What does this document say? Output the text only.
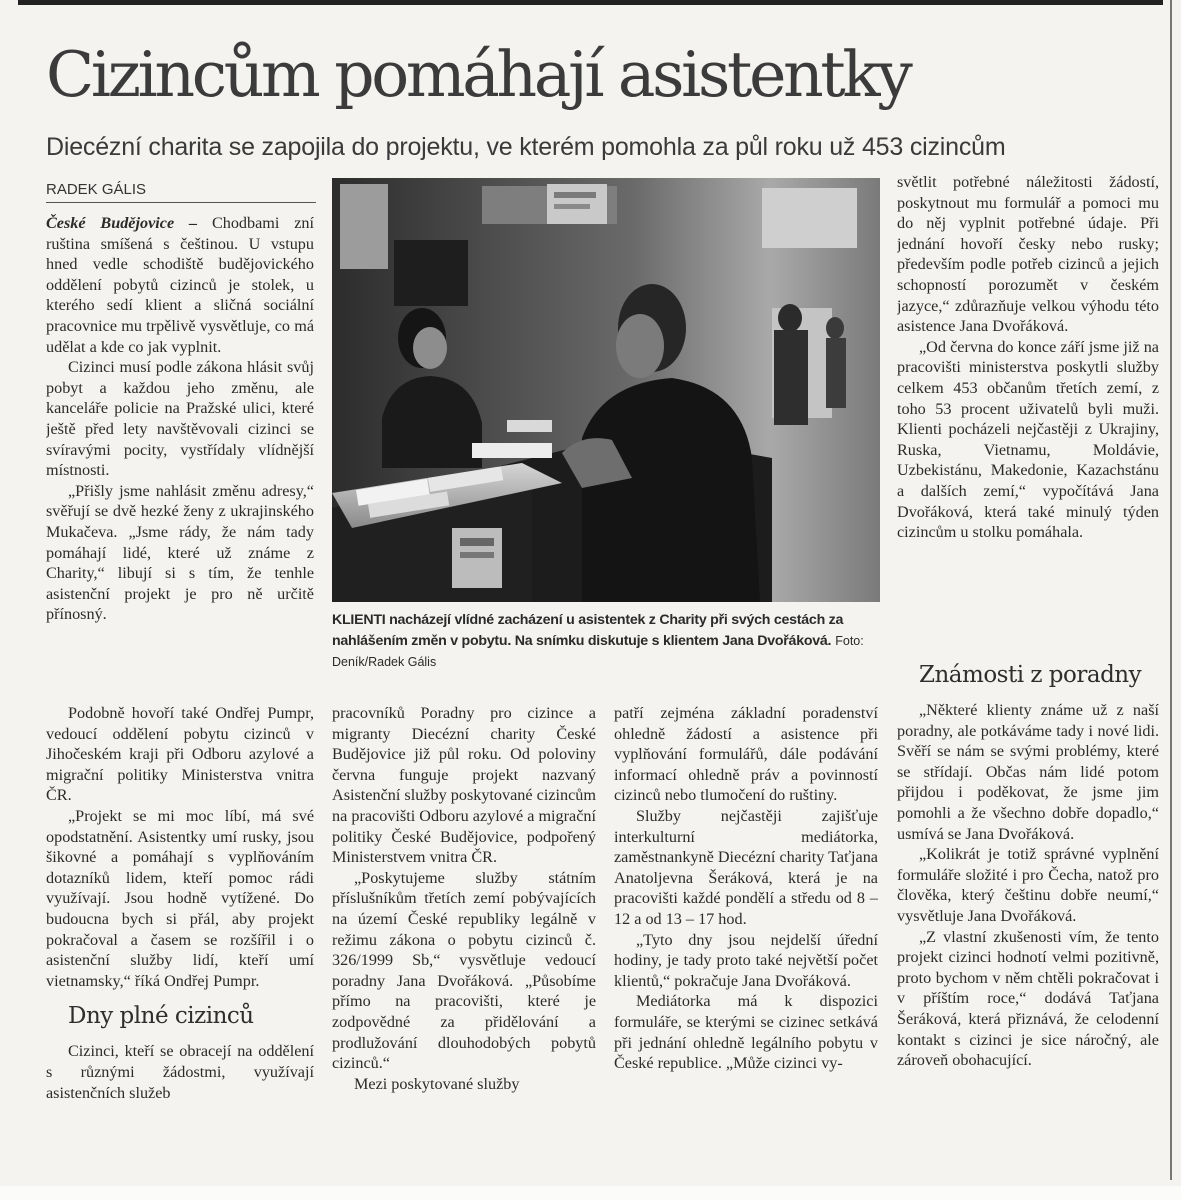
Cizincům pomáhají asistentky
Diecézní charita se zapojila do projektu, ve kterém pomohla za půl roku už 453 cizincům
RADEK GÁLIS

České Budějovice – Chodbami zní ruština smíšená s češtinou. U vstupu hned vedle schodiště budějovického oddělení pobytů cizinců je stolek, u kterého sedí klient a sličná sociální pracovnice mu trpělivě vysvětluje, co má udělat a kde co jak vyplnit.

Cizinci musí podle zákona hlásit svůj pobyt a každou jeho změnu, ale kanceláře policie na Pražské ulici, které ještě před lety navštěvovali cizinci se svíravými pocity, vystřídaly vlídnější místnosti.

„Přišly jsme nahlásit změnu adresy,“ svěřují se dvě hezké ženy z ukrajinského Mukačeva. „Jsme rády, že nám tady pomáhají lidé, které už známe z Charity,“ libují si s tím, že tenhle asistenční projekt je pro ně určitě přínosný.	KLIENTI nacházejí vlídné zacházení u asistentek z Charity při svých cestách za nahlášením změn v pobytu. Na snímku diskutuje s klientem Jana Dvořáková. Foto: Deník/Radek Gális

Podobně hovoří také Ondřej Pumpr, vedoucí oddělení pobytu cizinců v Jihočeském kraji při Odboru azylové a migrační politiky Ministerstva vnitra ČR.

„Projekt se mi moc líbí, má své opodstatnění. Asistentky umí rusky, jsou šikovné a pomáhají s vyplňováním dotazníků lidem, kteří pomoc rádi využívají. Jsou hodně vytížené. Do budoucna bych si přál, aby projekt pokračoval a časem se rozšířil i o asistenční služby lidí, kteří umí vietnamsky,“ říká Ondřej Pumpr.

Dny plné cizinců

Cizinci, kteří se obracejí na oddělení s různými žádostmi, využívají asistenčních služeb

pracovníků Poradny pro cizince a migranty Diecézní charity České Budějovice již půl roku. Od poloviny června funguje projekt nazvaný Asistenční služby poskytované cizincům na pracovišti Odboru azylové a migrační politiky České Budějovice, podpořený Ministerstvem vnitra ČR.

„Poskytujeme služby státním příslušníkům třetích zemí pobývajících na území České republiky legálně v režimu zákona o pobytu cizinců č. 326/1999 Sb,“ vysvětluje vedoucí poradny Jana Dvořáková. „Působíme přímo na pracovišti, které je zodpovědné za přidělování a prodlužování dlouhodobých pobytů cizinců.“

Mezi poskytované služby

patří zejména základní poradenství ohledně žádostí a asistence při vyplňování formulářů, dále podávání informací ohledně práv a povinností cizinců nebo tlumočení do ruštiny.

Služby nejčastěji zajišťuje interkulturní mediátorka, zaměstnankyně Diecézní charity Taťjana Anatoljevna Šeráková, která je na pracovišti každé pondělí a středu od 8 – 12 a od 13 – 17 hod.

„Tyto dny jsou nejdelší úřední hodiny, je tady proto také největší počet klientů,“ pokračuje Jana Dvořáková.

Mediátorka má k dispozici formuláře, se kterými se cizinec setkává při jednání ohledně legálního pobytu v České republice. „Může cizinci vy-

světlit potřebné náležitosti žádostí, poskytnout mu formulář a pomoci mu do něj vyplnit potřebné údaje. Při jednání hovoří česky nebo rusky; především podle potřeb cizinců a jejich schopností porozumět v českém jazyce,“ zdůrazňuje velkou výhodu této asistence Jana Dvořáková.

„Od června do konce září jsme již na pracovišti ministerstva poskytli služby celkem 453 občanům třetích zemí, z toho 53 procent uživatelů byli muži. Klienti pocházeli nejčastěji z Ukrajiny, Ruska, Vietnamu, Moldávie, Uzbekistánu, Makedonie, Kazachstánu a dalších zemí,“ vypočítává Jana Dvořáková, která také minulý týden cizincům u stolku pomáhala.

Známosti z poradny

„Některé klienty známe už z naší poradny, ale potkáváme tady i nové lidi. Svěří se nám se svými problémy, které se střídají. Občas nám lidé potom přijdou i poděkovat, že jsme jim pomohli a že všechno dobře dopadlo,“ usmívá se Jana Dvořáková.

„Kolikrát je totiž správné vyplnění formuláře složité i pro Čecha, natož pro člověka, který češtinu dobře neumí,“ vysvětluje Jana Dvořáková.

„Z vlastní zkušenosti vím, že tento projekt cizinci hodnotí velmi pozitivně, proto bychom v něm chtěli pokračovat i v příštím roce,“ dodává Taťjana Šeráková, která přiznává, že celodenní kontakt s cizinci je sice náročný, ale zároveň obohacující.
